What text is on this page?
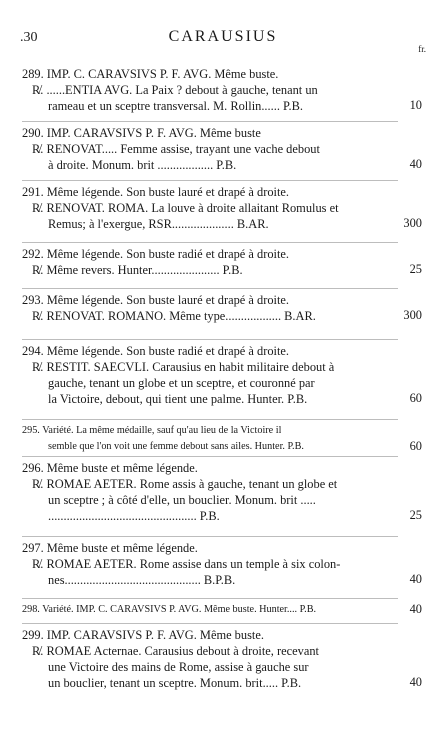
.30	CARAUSIUS
fr.
289. IMP. C. CARAVSIVS P. F. AVG. Même buste.
R̸. ......ENTIA AVG. La Paix ? debout à gauche, tenant un
rameau et un sceptre transversal. M. Rollin...... P.B.	10
290. IMP. CARAVSIVS P. F. AVG. Même buste
R̸. RENOVAT..... Femme assise, trayant une vache debout
à droite. Monum. brit .................. P.B.	40
291. Même légende. Son buste lauré et drapé à droite.
R̸. RENOVAT. ROMA. La louve à droite allaitant Romulus et
Remus; à l'exergue, RSR.................... B.AR.	300
292. Même légende. Son buste radié et drapé à droite.
R̸. Même revers. Hunter...................... P.B.	25
293. Même légende. Son buste lauré et drapé à droite.
R̸. RENOVAT. ROMANO. Même type.................. B.AR.	300
294. Même légende. Son buste radié et drapé à droite.
R̸. RESTIT. SAECVLI. Carausius en habit militaire debout à
gauche, tenant un globe et un sceptre, et couronné par
la Victoire, debout, qui tient une palme. Hunter. P.B.	60
295. Variété. La même médaille, sauf qu'au lieu de la Victoire il
semble que l'on voit une femme debout sans ailes. Hunter. P.B.	60
296. Même buste et même légende.
R̸. ROMAE AETER. Rome assis à gauche, tenant un globe et
un sceptre ; à côté d'elle, un bouclier. Monum. brit .....
................................................ P.B.	25
297. Même buste et même légende.
R̸. ROMAE AETER. Rome assise dans un temple à six colon-
nes............................................ B.P.B.	40
298. Variété. IMP. C. CARAVSIVS P. AVG. Même buste. Hunter.... P.B.	40
299. IMP. CARAVSIVS P. F. AVG. Même buste.
R̸. ROMAE Acternae. Carausius debout à droite, recevant
une Victoire des mains de Rome, assise à gauche sur
un bouclier, tenant un sceptre. Monum. brit..... P.B.	40
